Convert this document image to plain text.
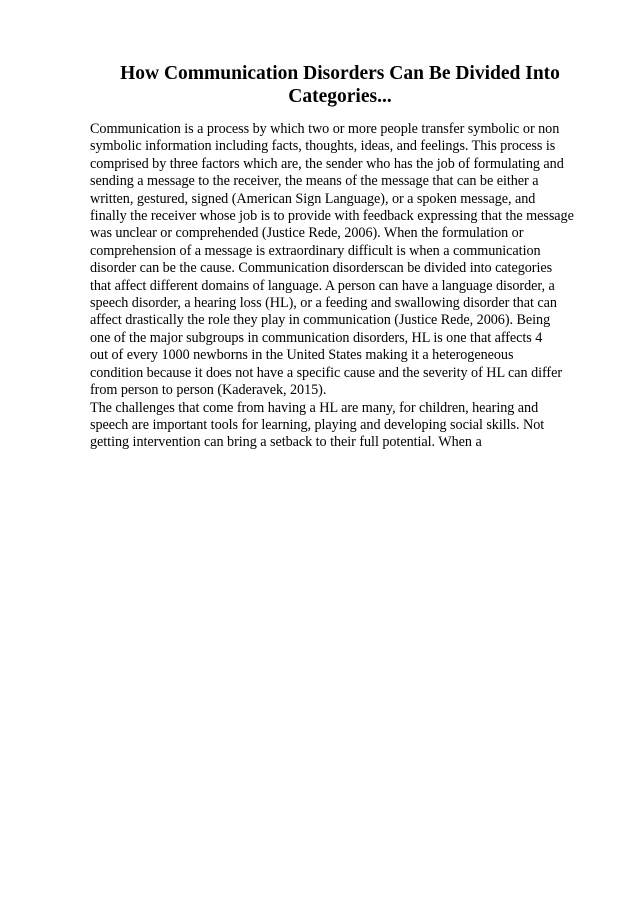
How Communication Disorders Can Be Divided Into
Categories...
Communication is a process by which two or more people transfer symbolic or non
symbolic information including facts, thoughts, ideas, and feelings. This process is
comprised by three factors which are, the sender who has the job of formulating and
sending a message to the receiver, the means of the message that can be either a
written, gestured, signed (American Sign Language), or a spoken message, and
finally the receiver whose job is to provide with feedback expressing that the message
was unclear or comprehended (Justice Rede, 2006). When the formulation or
comprehension of a message is extraordinary difficult is when a communication
disorder can be the cause. Communication disorderscan be divided into categories
that affect different domains of language. A person can have a language disorder, a
speech disorder, a hearing loss (HL), or a feeding and swallowing disorder that can
affect drastically the role they play in communication (Justice Rede, 2006). Being
one of the major subgroups in communication disorders, HL is one that affects 4
out of every 1000 newborns in the United States making it a heterogeneous
condition because it does not have a specific cause and the severity of HL can differ
from person to person (Kaderavek, 2015).
The challenges that come from having a HL are many, for children, hearing and
speech are important tools for learning, playing and developing social skills. Not
getting intervention can bring a setback to their full potential. When a
